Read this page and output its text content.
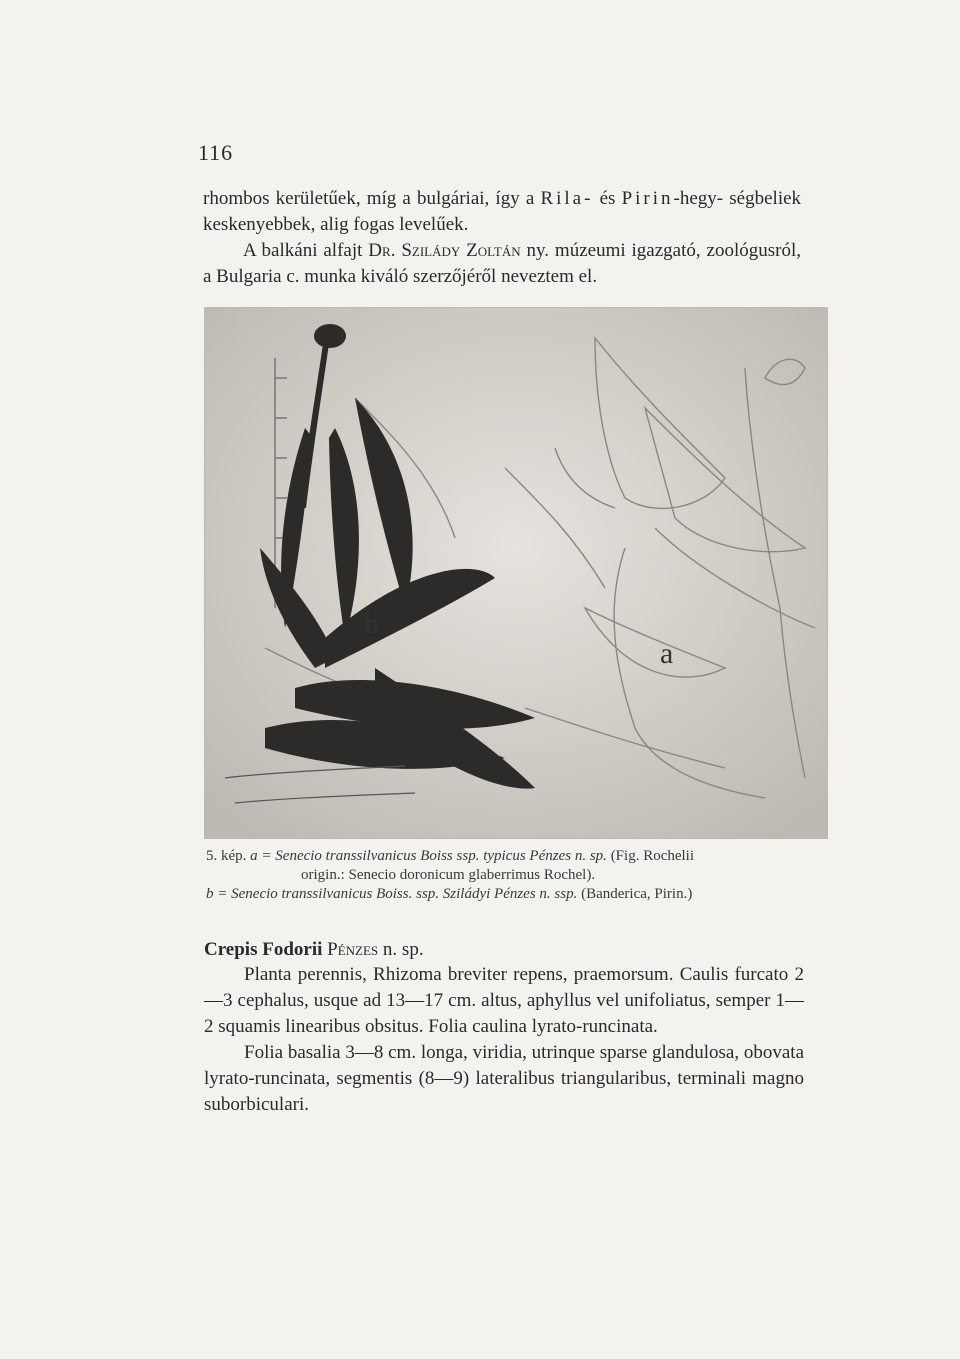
116

rhombos kerületűek, míg a bulgáriai, így a Rila- és Pirin-hegy- ségbeliek keskenyebbek, alig fogas levelűek.

A balkáni alfajt Dr. Szilády Zoltán ny. múzeumi igazgató, zoológusról, a Bulgaria c. munka kiváló szerzőjéről neveztem el.

b
a

5. kép. a = Senecio transsilvanicus Boiss ssp. typicus Pénzes n. sp. (Fig. Rochelii

origin.: Senecio doronicum glaberrimus Rochel).

b = Senecio transsilvanicus Boiss. ssp. Sziládyi Pénzes n. ssp. (Banderica, Pirin.)

Crepis Fodorii Pénzes n. sp.

Planta perennis, Rhizoma breviter repens, praemorsum. Caulis furcato 2—3 cephalus, usque ad 13—17 cm. altus, aphyllus vel unifoliatus, semper 1—2 squamis linearibus obsitus. Folia caulina lyrato-runcinata.

Folia basalia 3—8 cm. longa, viridia, utrinque sparse glandulosa, obovata lyrato-runcinata, segmentis (8—9) lateralibus triangularibus, terminali magno suborbiculari.
